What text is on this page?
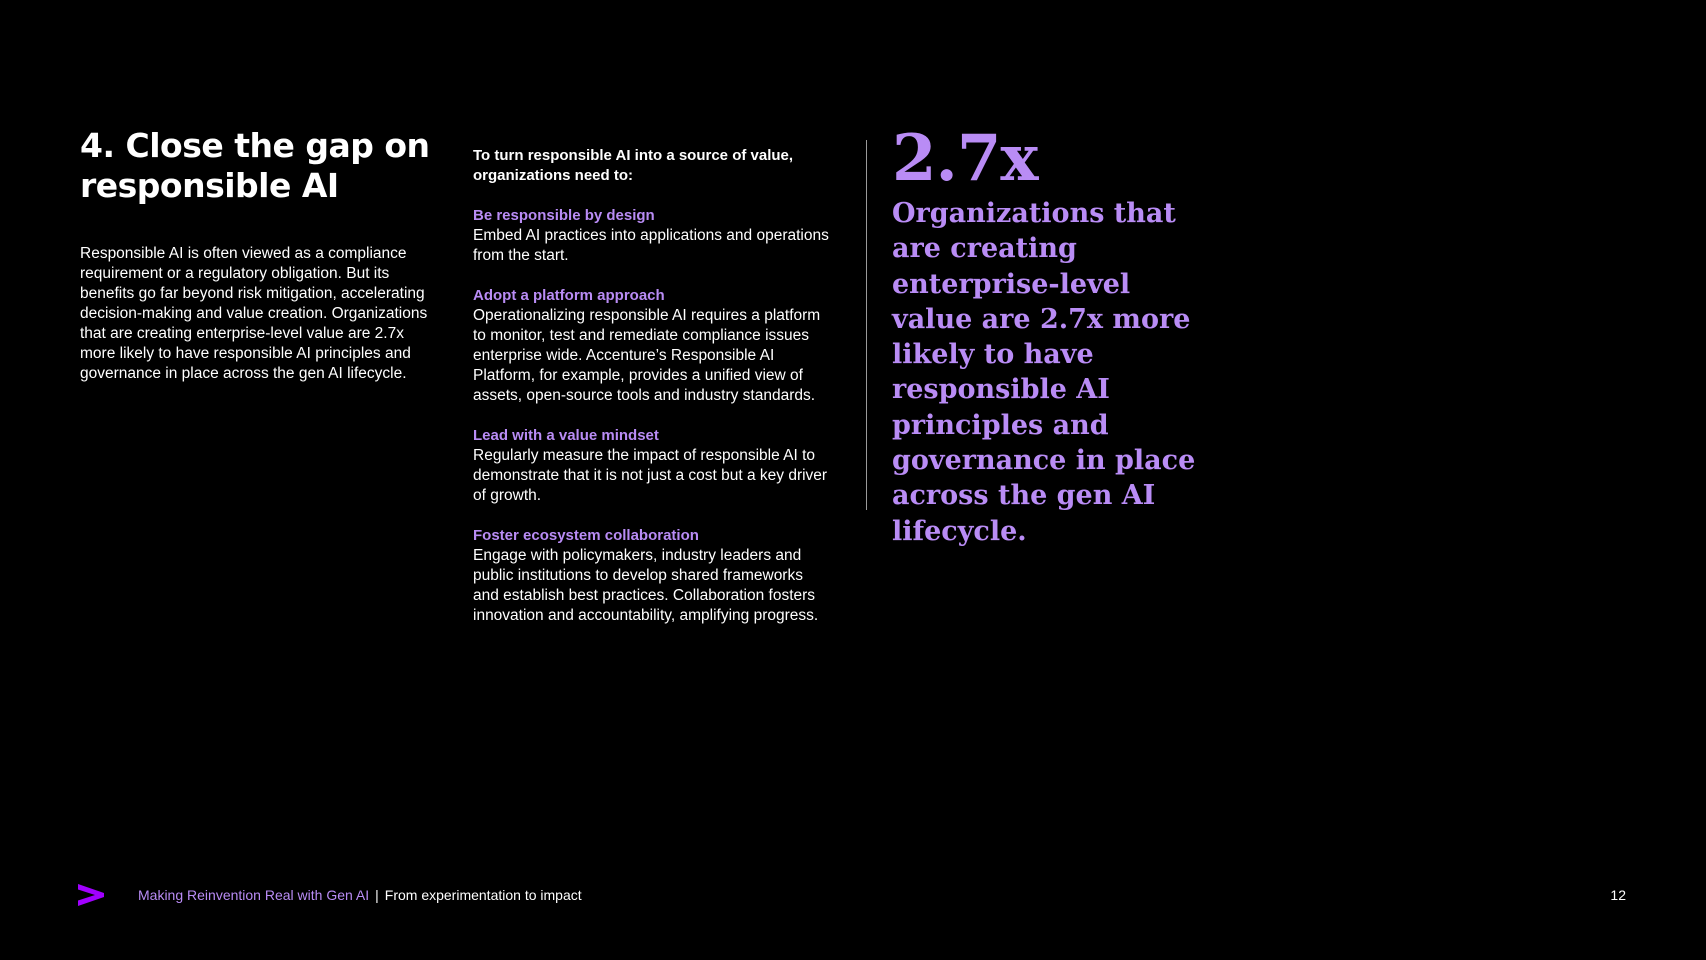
4. Close the gap on responsible AI

Responsible AI is often viewed as a compliance requirement or a regulatory obligation. But its benefits go far beyond risk mitigation, accelerating decision-making and value creation. Organizations that are creating enterprise-level value are 2.7x more likely to have responsible AI principles and governance in place across the gen AI lifecycle.

To turn responsible AI into a source of value, organizations need to:

Be responsible by design
Embed AI practices into applications and operations from the start.
Adopt a platform approach
Operationalizing responsible AI requires a platform to monitor, test and remediate compliance issues enterprise wide. Accenture’s Responsible AI Platform, for example, provides a unified view of assets, open-source tools and industry standards.
Lead with a value mindset
Regularly measure the impact of responsible AI to demonstrate that it is not just a cost but a key driver of growth.
Foster ecosystem collaboration
Engage with policymakers, industry leaders and public institutions to develop shared frameworks and establish best practices. Collaboration fosters innovation and accountability, amplifying progress.
2.7x
Organizations that are creating enterprise-level value are 2.7x more likely to have responsible AI principles and governance in place across the gen AI lifecycle.
Making Reinvention Real with Gen AI | From experimentation to impact	12
